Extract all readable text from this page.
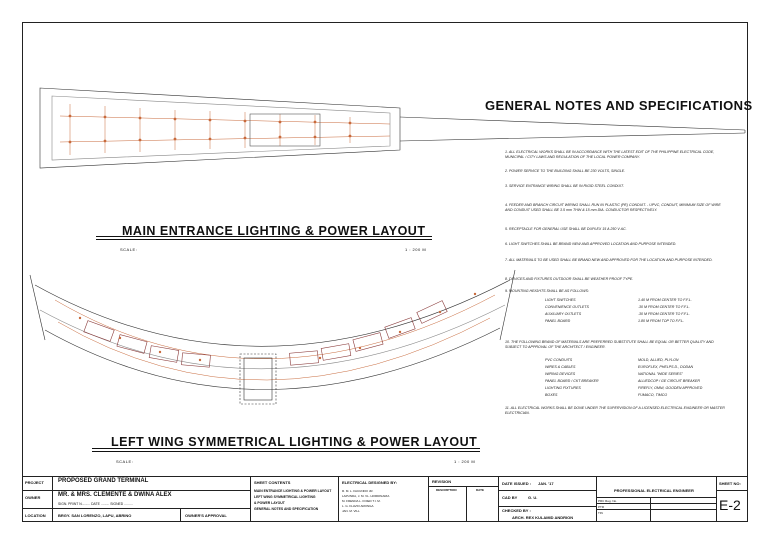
MAIN ENTRANCE LIGHTING & POWER LAYOUT
SCALE:	1 : 200 M
LEFT WING SYMMETRICAL LIGHTING & POWER LAYOUT
SCALE:	1 : 200 M
GENERAL NOTES AND SPECIFICATIONS
1. ALL ELECTRICAL WORKS SHALL BE IN ACCORDANCE WITH THE LATEST EDIT OF THE PHILIPPINE ELECTRICAL CODE, MUNICIPAL / CITY LAWS AND REGULATION OF THE LOCAL POWER COMPANY.
2. POWER SERVICE TO THE BUILDING SHALL BE 230 VOLTS, SINGLE.
3. SERVICE ENTRANCE WIRING SHALL BE IN RIGID STEEL CONDUIT.
4. FEEDER AND BRANCH CIRCUIT WIRING SHALL RUN IN PLASTIC (PE) CONDUIT. - UPVC, CONDUIT, MINIMUM SIZE OF WIRE AND CONDUIT USED SHALL BE 3.5 mm THW & 15 mm DIA. CONDUCTOR RESPECTIVELY.
5. RECEPTACLE FOR GENERAL USE SHALL BE DUPLEX 15 A 250 V AC.
6. LIGHT SWITCHES SHALL BE BRAND NEW AND APPROVED LOCATION AND PURPOSE INTENDED.
7. ALL MATERIALS TO BE USED SHALL BE BRAND NEW AND APPROVED FOR THE LOCATION AND PURPOSE INTENDED.
8. DEVICES AND FIXTURES OUTDOOR SHALL BE WEATHER PROOF TYPE.
9. MOUNTING HEIGHTS SHALL BE AS FOLLOWS:
LIGHT SWITCHES	1.40 M FROM CENTER TO F.F.L.
CONVENIENCE OUTLETS	.30 M FROM CENTER TO F.F.L.
AUXILIARY OUTLETS	.30 M FROM CENTER TO F.F.L.
PANEL BOARD	1.80 M FROM TOP TO F.F.L.
10. THE FOLLOWING BRAND OF MATERIALS ARE PREFERRED SUBSTITUTE SHALL BE EQUAL OR BETTER QUALITY AND SUBJECT TO APPROVAL OF THE ARCHITECT / ENGINEER.
PVC CONDUITS	MOLD, ALLIED, PLYLON
WIRES & CABLES	EUROFLEX, PHELPS D., DODAN
WIRING DEVICES	NATIONAL "WIDE SERIES"
PANEL BOARD / CKT BREAKER	ALLIEDCOP / GE CIRCUIT BREAKER
LIGHTING FIXTURES	FIREFLY, OMNI, GOODEN APPROVED
BOXES	FUMACO, TIMCO
11. ALL ELECTRICAL WORKS SHALL BE DONE UNDER THE SUPERVISION OF A LICENSED ELECTRICAL ENGINEER OR MASTER ELECTRICIAN.
PROJECT PROPOSED GRAND TERMINAL
OWNER	MR. & MRS. CLEMENTE & DWINA ALEX
SIGN. PRINT N......... DATE ......... SIGNED .........
LOCATION	BRGY. SAN LORENZO, LAPU, ABRINO	OWNER'S APPROVAL
SHEET CONTENTS
MAIN ENTRANCE LIGHTING & POWER LAYOUT
LEFT WING SYMMETRICAL LIGHTING
& POWER LAYOUT
GENERAL NOTES AND SPECIFICATION
ELECTRICAL DESIGNED BY:
R. M. L. FACUNDO JR.
LAPUNDA, J. M. VL. HORDINARIA
M. FRENDA L. FOIED T.I. M.
L. G. FLAVIO ARONGA
JAN. M. VILL
REVISION
DESCRIPTION	DATE
DATE ISSUED : JAN. '17
CAD BY	G. U.
CHECKED BY :
ARCH. REX KULAMID ANDRION
PROFESSIONAL ELECTRICAL ENGINEER
PRC Reg. No.
PTR
TIN
SHEET NO:
E-2
